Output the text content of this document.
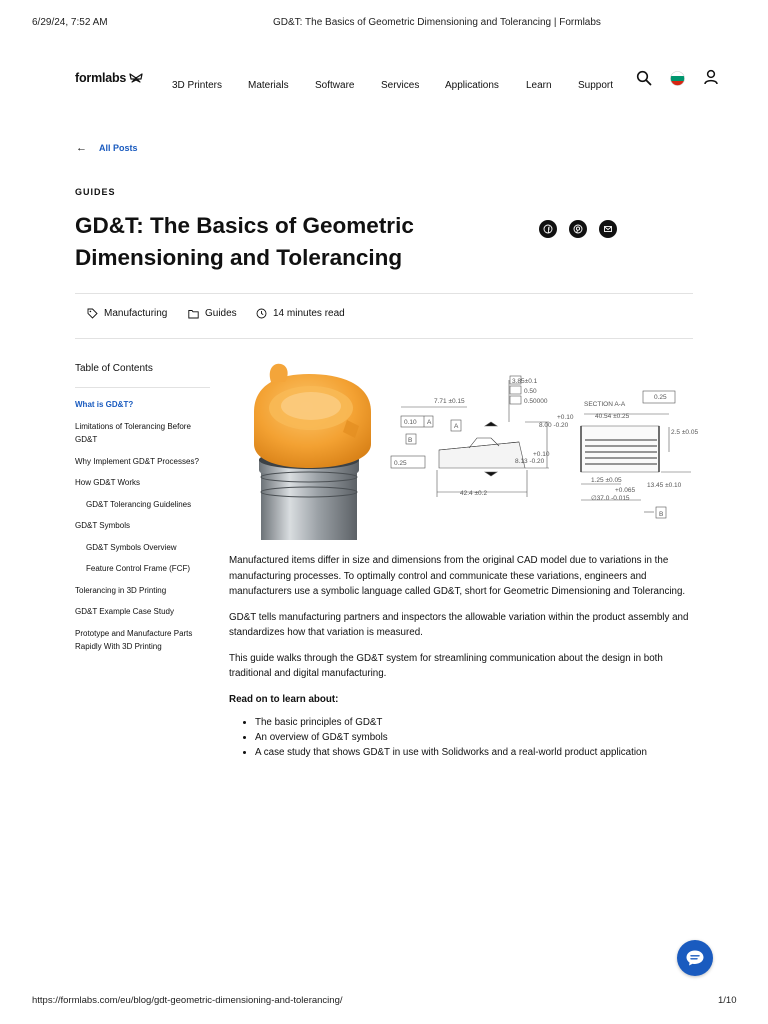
6/29/24, 7:52 AM	GD&T: The Basics of Geometric Dimensioning and Tolerancing | Formlabs
formlabs
3D Printers	Materials	Software	Services	Applications	Learn	Support
← All Posts
GUIDES
GD&T: The Basics of Geometric Dimensioning and Tolerancing
Manufacturing	Guides	14 minutes read
Table of Contents
What is GD&T?
Limitations of Tolerancing Before GD&T
Why Implement GD&T Processes?
How GD&T Works
GD&T Tolerancing Guidelines
GD&T Symbols
GD&T Symbols Overview
Feature Control Frame (FCF)
Tolerancing in 3D Printing
GD&T Example Case Study
Prototype and Manufacture Parts Rapidly With 3D Printing
3.85±0.1
0.50
0.50000
7.71 ±0.15
0.10 A
A
B
+0.10
8.00 -0.20
+0.10
8.13 -0.20
0.25
42.4 ±0.2
SECTION A-A
0.25
40.54 ±0.25
2.5 ±0.05
1.25 ±0.05
+0.065
∅37.0 -0.015
13.45 ±0.10
B

Manufactured items differ in size and dimensions from the original CAD model due to variations in the manufacturing processes. To optimally control and communicate these variations, engineers and manufacturers use a symbolic language called GD&T, short for Geometric Dimensioning and Tolerancing.

GD&T tells manufacturing partners and inspectors the allowable variation within the product assembly and standardizes how that variation is measured.

This guide walks through the GD&T system for streamlining communication about the design in both traditional and digital manufacturing.

Read on to learn about:

• The basic principles of GD&T
• An overview of GD&T symbols
• A case study that shows GD&T in use with Solidworks and a real-world product application
https://formlabs.com/eu/blog/gdt-geometric-dimensioning-and-tolerancing/	1/10
